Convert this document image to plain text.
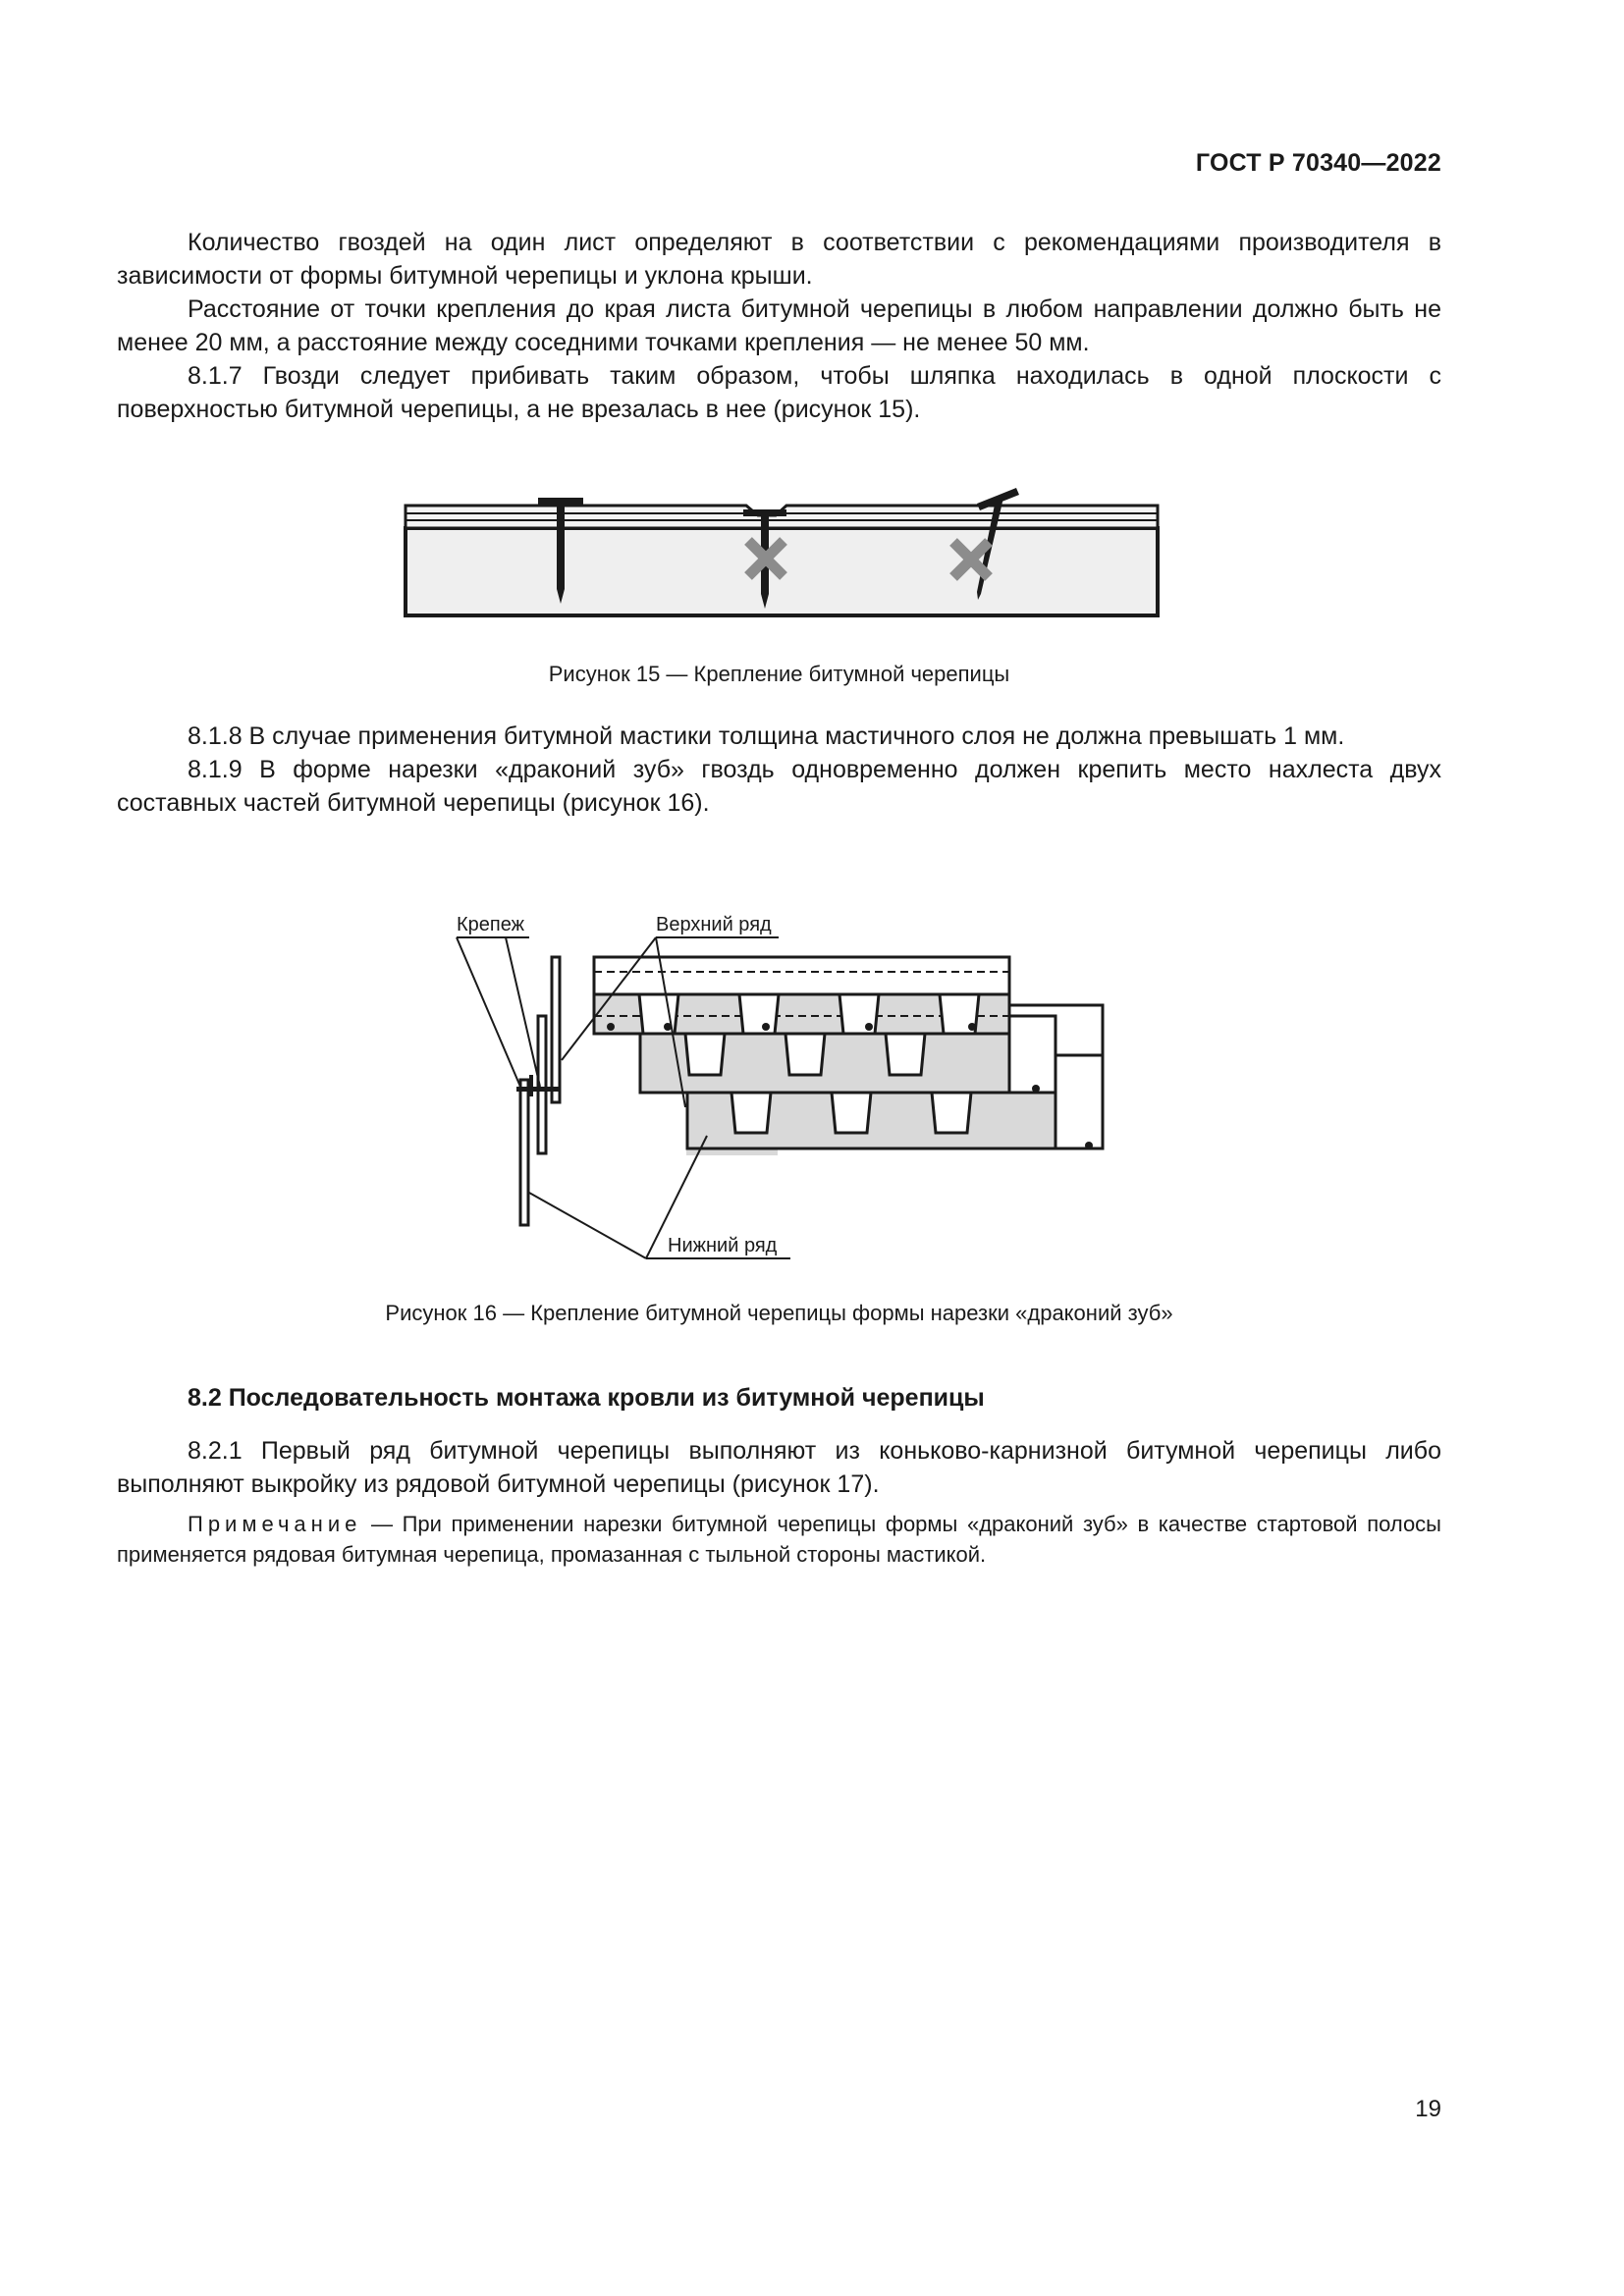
ГОСТ Р 70340—2022

Количество гвоздей на один лист определяют в соответствии с рекомендациями производителя в зависимости от формы битумной черепицы и уклона крыши.

Расстояние от точки крепления до края листа битумной черепицы в любом направлении должно быть не менее 20 мм, а расстояние между соседними точками крепления — не менее 50 мм.

8.1.7 Гвозди следует прибивать таким образом, чтобы шляпка находилась в одной плоскости с поверхностью битумной черепицы, а не врезалась в нее (рисунок 15).

Рисунок 15 — Крепление битумной черепицы

8.1.8 В случае применения битумной мастики толщина мастичного слоя не должна превышать 1 мм.

8.1.9 В форме нарезки «драконий зуб» гвоздь одновременно должен крепить место нахлеста двух составных частей битумной черепицы (рисунок 16).

Крепеж	Верхний ряд
Нижний ряд
Рисунок 16 — Крепление битумной черепицы формы нарезки «драконий зуб»
8.2 Последовательность монтажа кровли из битумной черепицы

8.2.1 Первый ряд битумной черепицы выполняют из коньково-карнизной битумной черепицы либо выполняют выкройку из рядовой битумной черепицы (рисунок 17).

Примечание — При применении нарезки битумной черепицы формы «драконий зуб» в качестве стартовой полосы применяется рядовая битумная черепица, промазанная с тыльной стороны мастикой.

19
